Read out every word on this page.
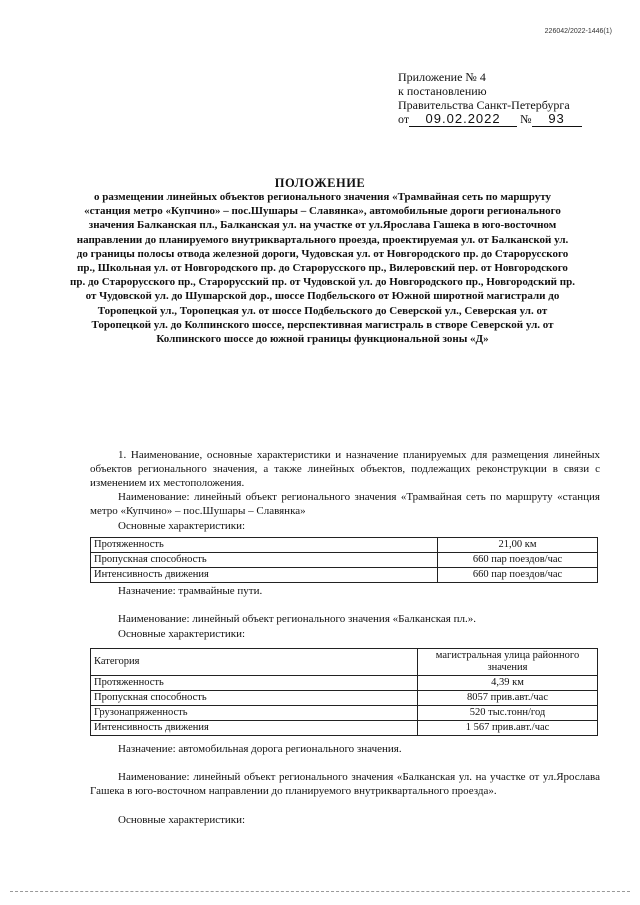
226042/2022-1446(1)
Приложение № 4
к постановлению
Правительства Санкт-Петербурга
от 09.02.2022 № 93
ПОЛОЖЕНИЕ
о размещении линейных объектов регионального значения «Трамвайная сеть по маршруту «станция метро «Купчино» – пос.Шушары – Славянка», автомобильные дороги регионального значения Балканская пл., Балканская ул. на участке от ул.Ярослава Гашека в юго-восточном направлении до планируемого внутриквартального проезда, проектируемая ул. от Балканской ул. до границы полосы отвода железной дороги, Чудовская ул. от Новгородского пр. до Старорусского пр., Школьная ул. от Новгородского пр. до Старорусского пр., Вилеровский пер. от Новгородского пр. до Старорусского пр., Старорусский пр. от Чудовской ул. до Новгородского пр., Новгородский пр. от Чудовской ул. до Шушарской дор., шоссе Подбельского от Южной широтной магистрали до Торопецкой ул., Торопецкая ул. от шоссе Подбельского до Северской ул., Северская ул. от Торопецкой ул. до Колпинского шоссе, перспективная магистраль в створе Северской ул. от Колпинского шоссе до южной границы функциональной зоны «Д»
1. Наименование, основные характеристики и назначение планируемых для размещения линейных объектов регионального значения, а также линейных объектов, подлежащих реконструкции в связи с изменением их местоположения.
Наименование: линейный объект регионального значения «Трамвайная сеть по маршруту «станция метро «Купчино» – пос.Шушары – Славянка»
Основные характеристики:
Протяженность	21,00 км
Пропускная способность	660 пар поездов/час
Интенсивность движения	660 пар поездов/час
Назначение: трамвайные пути.
Наименование: линейный объект регионального значения «Балканская пл.».
Основные характеристики:
Категория	магистральная улица районного значения
Протяженность	4,39 км
Пропускная способность	8057 прив.авт./час
Грузонапряженность	520 тыс.тонн/год
Интенсивность движения	1 567 прив.авт./час
Назначение: автомобильная дорога регионального значения.
Наименование: линейный объект регионального значения «Балканская ул. на участке от ул.Ярослава Гашека в юго-восточном направлении до планируемого внутриквартального проезда».
Основные характеристики:
